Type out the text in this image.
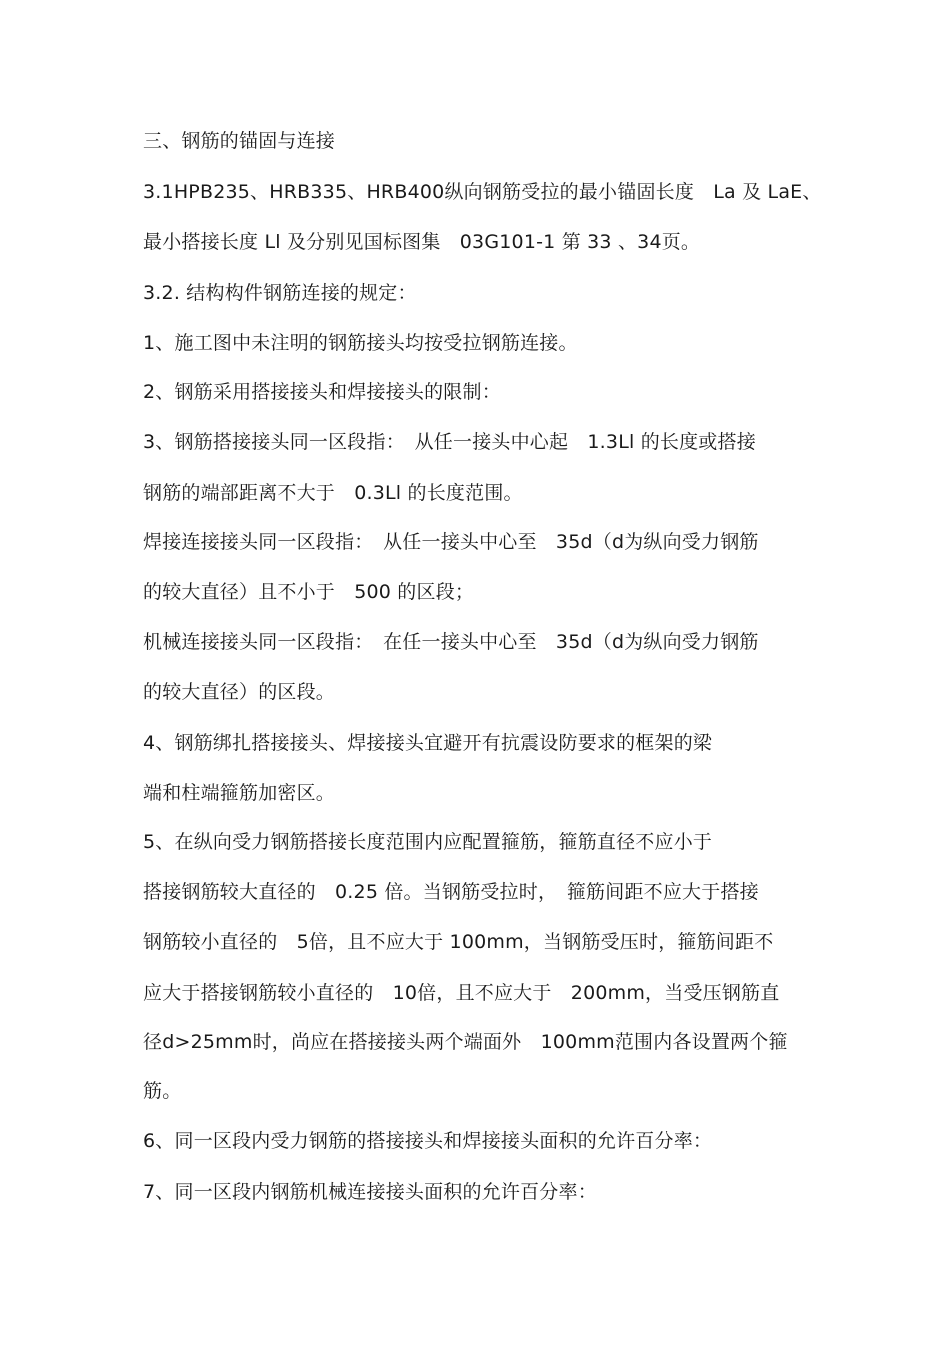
三、钢筋的锚固与连接
3.1HPB235、HRB335、HRB400纵向钢筋受拉的最小锚固长度　La 及 LaE、
最小搭接长度 Ll 及分别见国标图集　03G101-1 第 33 、34页。
3.2. 结构构件钢筋连接的规定：
1、施工图中未注明的钢筋接头均按受拉钢筋连接。
2、钢筋采用搭接接头和焊接接头的限制：
3、钢筋搭接接头同一区段指：　从任一接头中心起　1.3Ll 的长度或搭接
钢筋的端部距离不大于　0.3Ll 的长度范围。
焊接连接接头同一区段指：　从任一接头中心至　35d（d为纵向受力钢筋
的较大直径）且不小于　500 的区段；
机械连接接头同一区段指：　在任一接头中心至　35d（d为纵向受力钢筋
的较大直径）的区段。
4、钢筋绑扎搭接接头、焊接接头宜避开有抗震设防要求的框架的梁
端和柱端箍筋加密区。
5、在纵向受力钢筋搭接长度范围内应配置箍筋，箍筋直径不应小于
搭接钢筋较大直径的　0.25 倍。当钢筋受拉时，　箍筋间距不应大于搭接
钢筋较小直径的　5倍，且不应大于 100mm，当钢筋受压时，箍筋间距不
应大于搭接钢筋较小直径的　10倍，且不应大于　200mm，当受压钢筋直
径d>25mm时，尚应在搭接接头两个端面外　100mm范围内各设置两个箍
筋。
6、同一区段内受力钢筋的搭接接头和焊接接头面积的允许百分率：
7、同一区段内钢筋机械连接接头面积的允许百分率：
